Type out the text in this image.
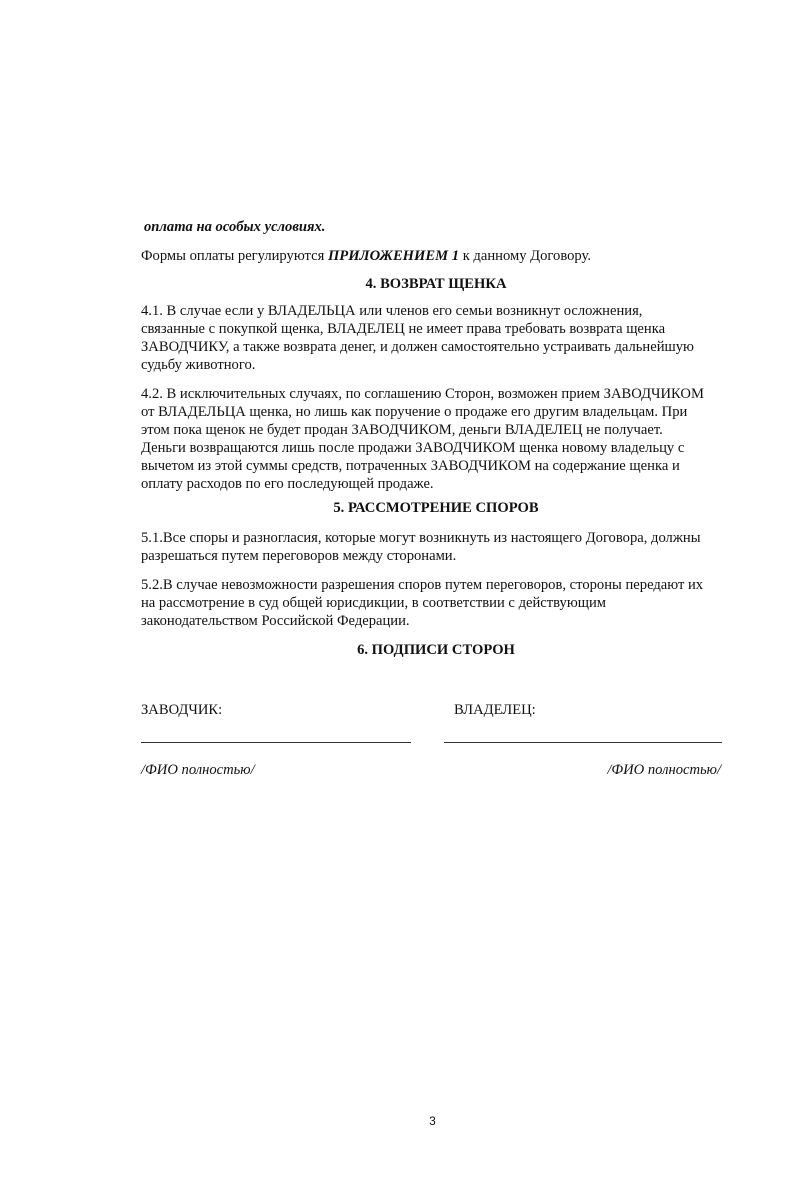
оплата на особых условиях.
Формы оплаты регулируются ПРИЛОЖЕНИЕМ 1 к данному Договору.
4. ВОЗВРАТ ЩЕНКА
4.1. В случае если у ВЛАДЕЛЬЦА или членов его семьи возникнут осложнения,
связанные с покупкой щенка, ВЛАДЕЛЕЦ не имеет права требовать возврата щенка
ЗАВОДЧИКУ, а также возврата денег, и должен самостоятельно устраивать дальнейшую
судьбу животного.
4.2. В исключительных случаях, по соглашению Сторон, возможен прием ЗАВОДЧИКОМ
от ВЛАДЕЛЬЦА щенка, но лишь как поручение о продаже его другим владельцам. При
этом пока щенок не будет продан ЗАВОДЧИКОМ, деньги ВЛАДЕЛЕЦ не получает.
Деньги возвращаются лишь после продажи ЗАВОДЧИКОМ щенка новому владельцу с
вычетом из этой суммы средств, потраченных ЗАВОДЧИКОМ на содержание щенка и
оплату расходов по его последующей продаже.
5. РАССМОТРЕНИЕ СПОРОВ
5.1.Все споры и разногласия, которые могут возникнуть из настоящего Договора, должны
разрешаться путем переговоров между сторонами.
5.2.В случае невозможности разрешения споров путем переговоров, стороны передают их
на рассмотрение в суд общей юрисдикции, в соответствии с действующим
законодательством Российской Федерации.
6. ПОДПИСИ СТОРОН
ЗАВОДЧИК:	ВЛАДЕЛЕЦ:
/ФИО полностью/	/ФИО полностью/
3
